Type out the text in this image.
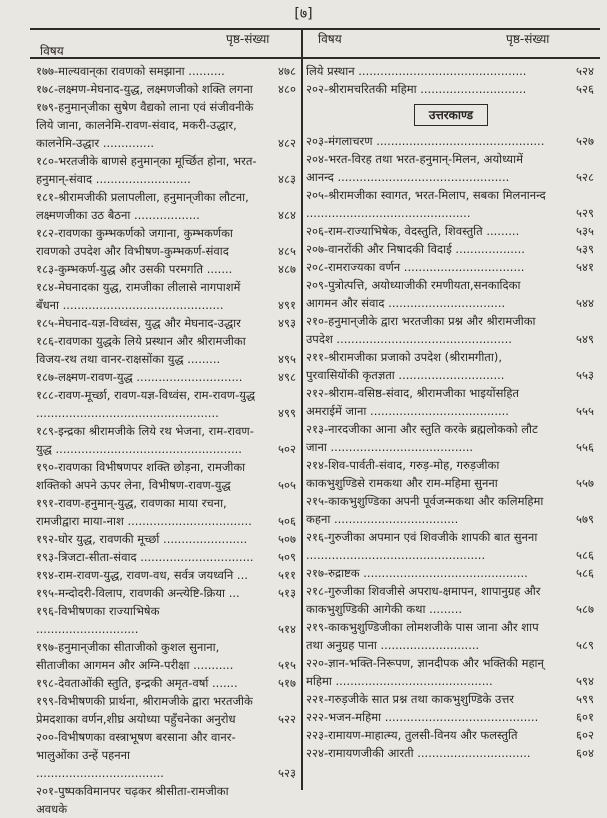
[७]
विषय
पृष्ठ-संख्या	विषय	पृष्ठ-संख्या
१७७-माल्यवान्‌का रावणको समझाना ..........	४७८
१७८-लक्ष्मण-मेघनाद-युद्ध, लक्ष्मणजीको शक्ति लगना ४८०
१७९-हनुमान्‌जीका सुषेण वैद्यको लाना एवं संजीवनीके लिये जाना, कालनेमि-रावण-संवाद, मकरी-उद्धार, कालनेमि-उद्धार ..............	४८२
१८०-भरतजीके बाणसे हनुमान्‌का मूर्च्छित होना, भरत-हनुमान्-संवाद ..........................	४८३
१८१-श्रीरामजीकी प्रलापलीला, हनुमान्‌जीका लौटना, लक्ष्मणजीका उठ बैठना ..................	४८४
१८२-रावणका कुम्भकर्णको जगाना, कुम्भकर्णका रावणको उपदेश और विभीषण-कुम्भकर्ण-संवाद	४८५
१८३-कुम्भकर्ण-युद्ध और उसकी परमगति .......	४८७
१८४-मेघनादका युद्ध, रामजीका लीलासे नागपाशमें बँधना ............................................	४९१
१८५-मेघनाद-यज्ञ-विध्वंस, युद्ध और मेघनाद-उद्धार	४९३
१८६-रावणका युद्धके लिये प्रस्थान और श्रीरामजीका विजय-रथ तथा वानर-राक्षसोंका युद्ध .........	४९५
१८७-लक्ष्मण-रावण-युद्ध .............................	४९८
१८८-रावण-मूर्च्छा, रावण-यज्ञ-विध्वंस, राम-रावण-युद्ध ..................................................	४९९
१८९-इन्द्रका श्रीरामजीके लिये रथ भेजना, राम-रावण-युद्ध ...................................................	५०२
१९०-रावणका विभीषणपर शक्ति छोड़ना, रामजीका शक्तिको अपने ऊपर लेना, विभीषण-रावण-युद्ध	५०५
१९१-रावण-हनुमान्-युद्ध, रावणका माया रचना, रामजीद्वारा माया-नाश .................................. ५०६
१९२-घोर युद्ध, रावणकी मूर्च्छा .......................	५०७
१९३-त्रिजटा-सीता-संवाद ............................... ५०९
१९४-राम-रावण-युद्ध, रावण-वध, सर्वत्र जयध्वनि ...	५११
१९५-मन्दोदरी-विलाप, रावणकी अन्त्येष्टि-क्रिया ...	५१३
१९६-विभीषणका राज्याभिषेक ............................	५१४
१९७-हनुमान्‌जीका सीताजीको कुशल सुनाना, सीताजीका आगमन और अग्नि-परीक्षा ...........	५१५
१९८-देवताओंकी स्तुति, इन्द्रकी अमृत-वर्षा .......	५१७
१९९-विभीषणकी प्रार्थना, श्रीरामजीके द्वारा भरतजीके प्रेमदशाका वर्णन,शीघ्र अयोध्या पहुँचनेका अनुरोध	५२२
२००-विभीषणका वस्त्राभूषण बरसाना और वानर-भालुओंका उन्हें पहनना ...................................	५२३
२०१-पुष्पकविमानपर चढ़कर श्रीसीता-रामजीका अवधके
लिये प्रस्थान ..............................................	५२४
२०२-श्रीरामचरितकी महिमा .............................	५२६
उत्तरकाण्ड
२०३-मंगलाचरण ..............................................	५२७
२०४-भरत-विरह तथा भरत-हनुमान्-मिलन, अयोध्यामें आनन्द ...............................................	५२८
२०५-श्रीरामजीका स्वागत, भरत-मिलाप, सबका मिलनानन्द .............................................	५२९
२०६-राम-राज्याभिषेक, वेदस्तुति, शिवस्तुति .........	५३५
२०७-वानरोंकी और निषादकी विदाई ...................	५३९
२०८-रामराज्यका वर्णन .................................	५४१
२०९-पुत्रोत्पत्ति, अयोध्याजीकी रमणीयता,सनकादिका आगमन और संवाद ................................	५४४
२१०-हनुमान्‌जीके द्वारा भरतजीका प्रश्न और श्रीरामजीका उपदेश ................................................	५४९
२११-श्रीरामजीका प्रजाको उपदेश (श्रीरामगीता), पुरवासियोंकी कृतज्ञता .............................	५५३
२१२-श्रीराम-वसिष्ठ-संवाद, श्रीरामजीका भाइयोंसहित अमराईमें जाना ......................................	५५५
२१३-नारदजीका आना और स्तुति करके ब्रह्मलोकको लौट जाना .......................................	५५६
२१४-शिव-पार्वती-संवाद, गरुड़-मोह, गरुड़जीका काकभुशुण्डिसे रामकथा और राम-महिमा सुनना	५५७
२१५-काकभुशुण्डिका अपनी पूर्वजन्मकथा और कलिमहिमा कहना ..................................	५७९
२१६-गुरुजीका अपमान एवं शिवजीके शापकी बात सुनना .................................................	५८६
२१७-रुद्राष्टक .............................................	५८६
२१८-गुरुजीका शिवजीसे अपराध-क्षमापन, शापानुग्रह और काकभुशुण्डिकी आगेकी कथा .........	५८७
२१९-काकभुशुण्डिजीका लोमशजीके पास जाना और शाप तथा अनुग्रह पाना ...........................	५८९
२२०-ज्ञान-भक्ति-निरूपण, ज्ञानदीपक और भक्तिकी महान् महिमा ...........................................	५९४
२२१-गरुड़जीके सात प्रश्न तथा काकभुशुण्डिके उत्तर	५९९
२२२-भजन-महिमा ..........................................	६०१
२२३-रामायण-माहात्म्य, तुलसी-विनय और फलस्तुति	६०२
२२४-रामायणजीकी आरती ...............................	६०४
